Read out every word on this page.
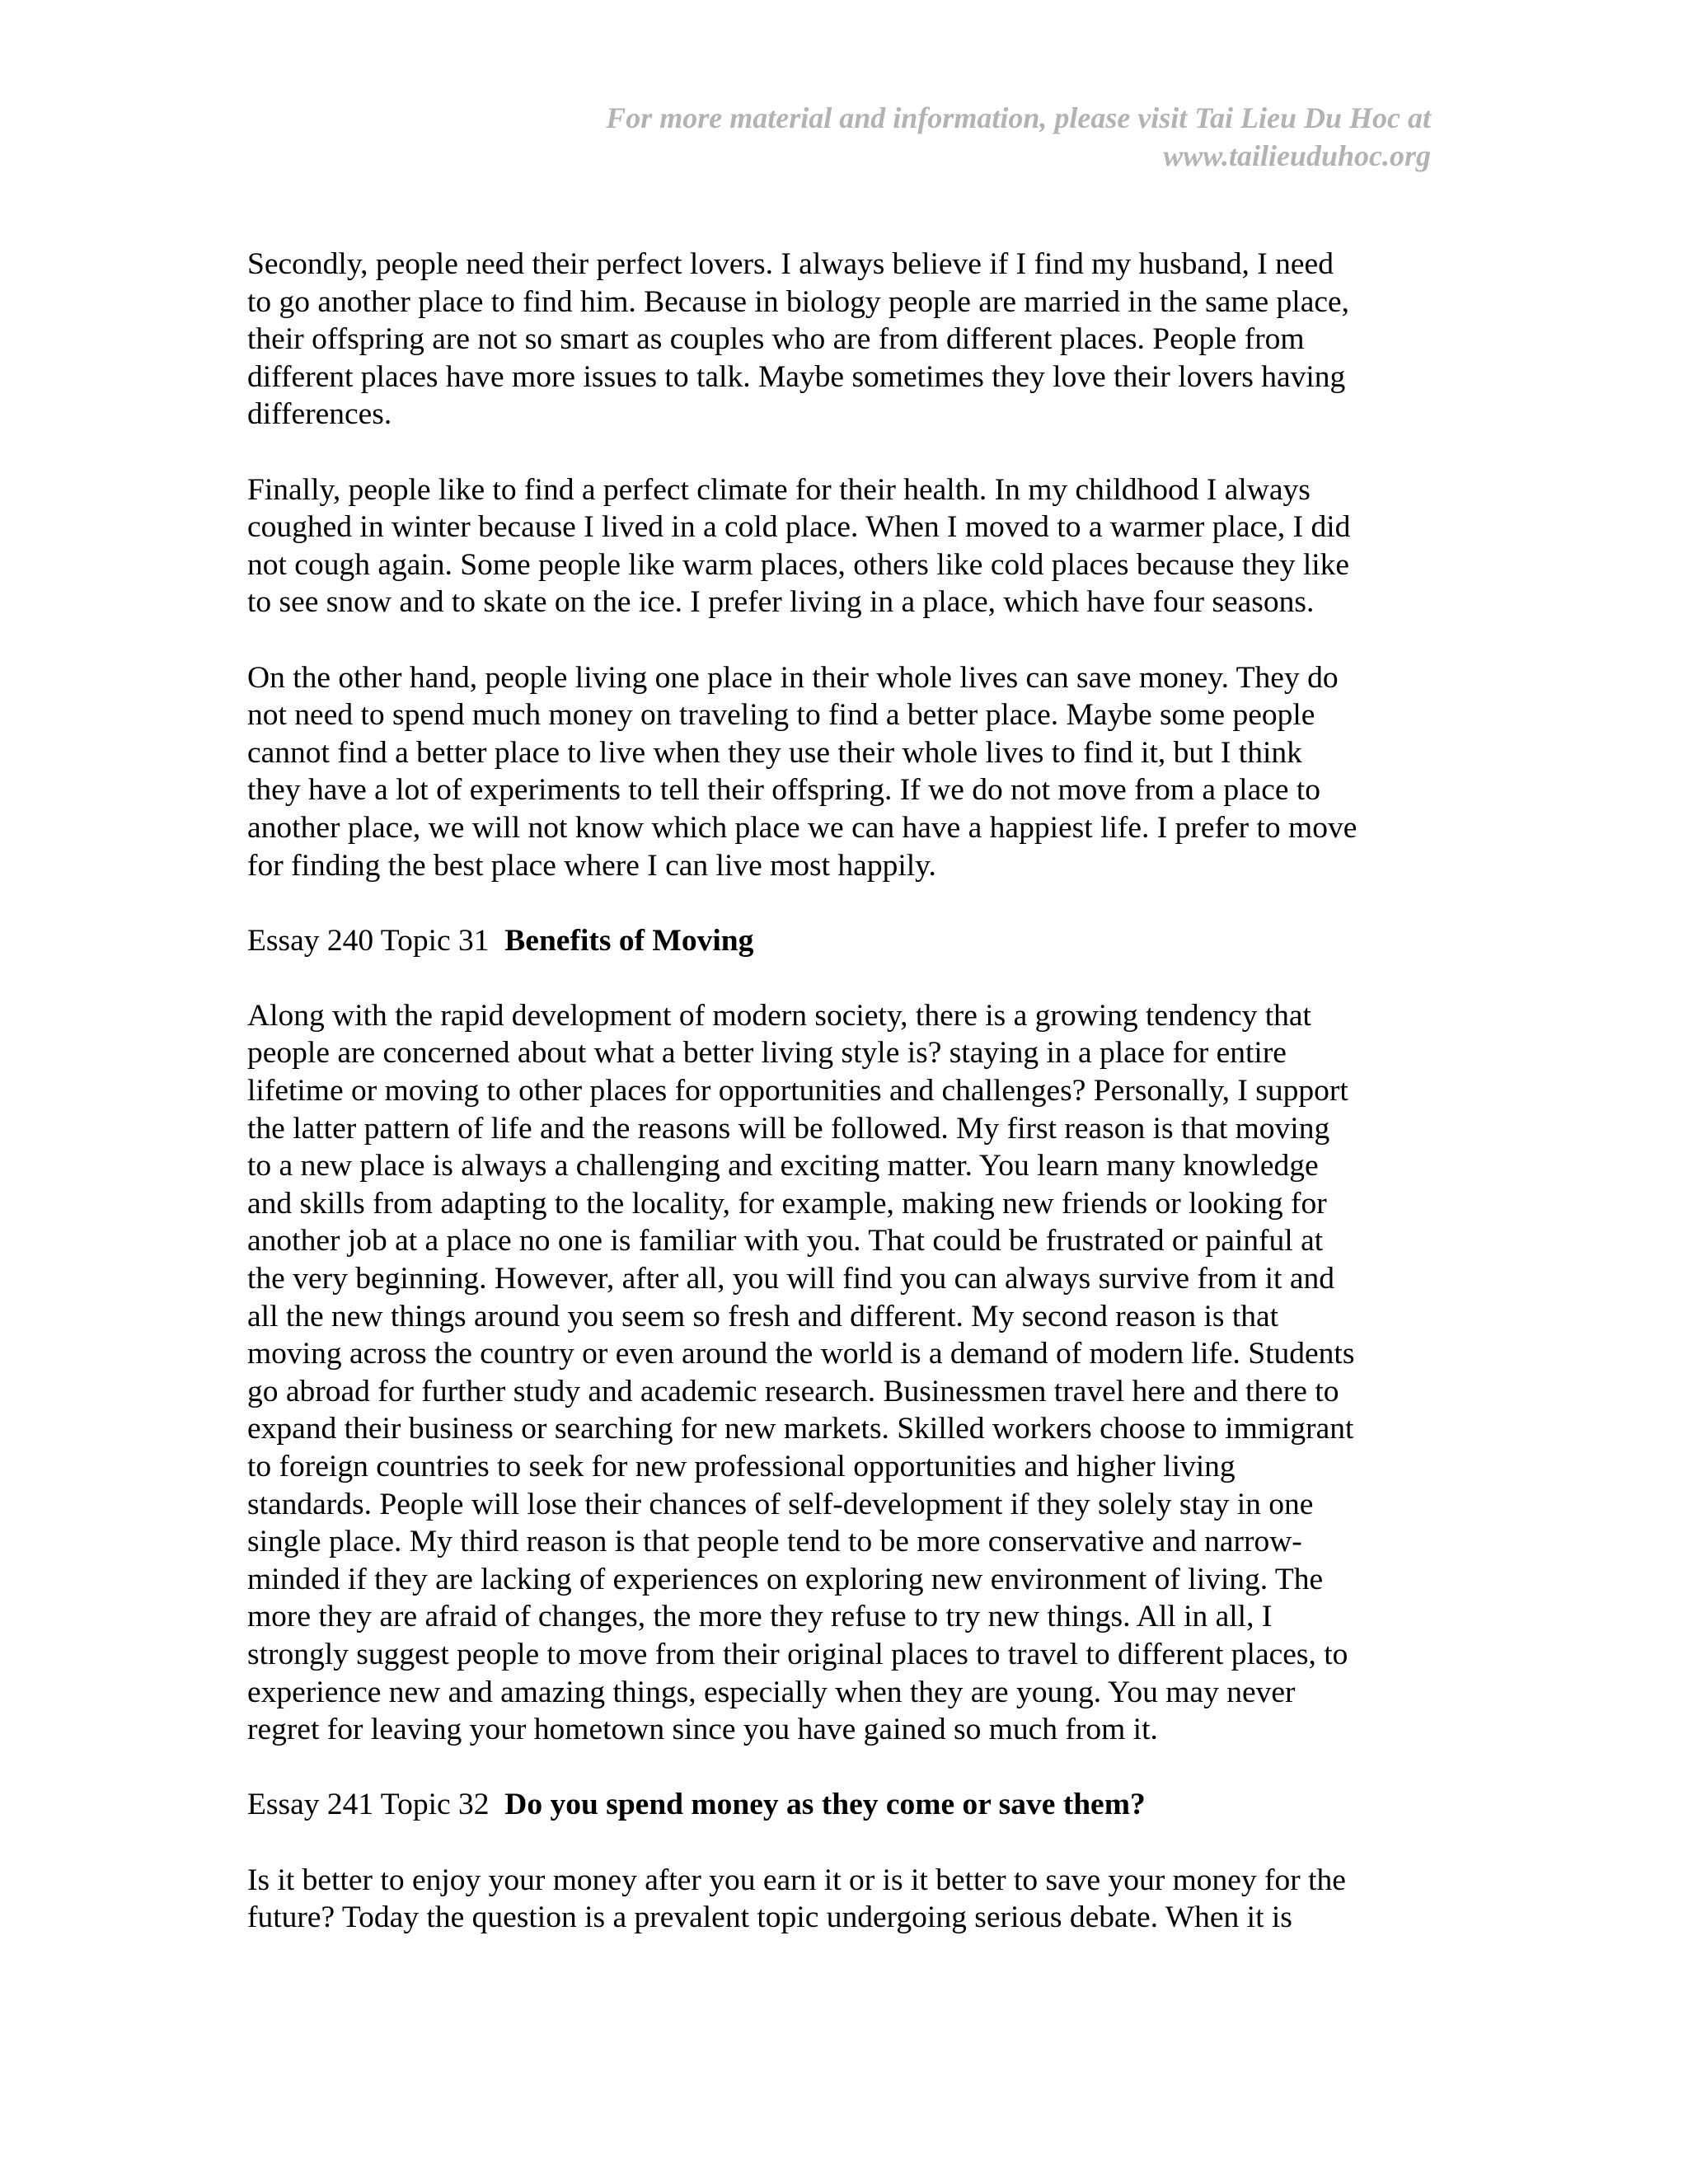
For more material and information, please visit Tai Lieu Du Hoc at
www.tailieuduhoc.org
Secondly, people need their perfect lovers. I always believe if I find my husband, I need
to go another place to find him. Because in biology people are married in the same place,
their offspring are not so smart as couples who are from different places. People from
different places have more issues to talk. Maybe sometimes they love their lovers having
differences.
Finally, people like to find a perfect climate for their health. In my childhood I always
coughed in winter because I lived in a cold place. When I moved to a warmer place, I did
not cough again. Some people like warm places, others like cold places because they like
to see snow and to skate on the ice. I prefer living in a place, which have four seasons.
On the other hand, people living one place in their whole lives can save money. They do
not need to spend much money on traveling to find a better place. Maybe some people
cannot find a better place to live when they use their whole lives to find it, but I think
they have a lot of experiments to tell their offspring. If we do not move from a place to
another place, we will not know which place we can have a happiest life. I prefer to move
for finding the best place where I can live most happily.
Essay 240 Topic 31 Benefits of Moving
Along with the rapid development of modern society, there is a growing tendency that
people are concerned about what a better living style is? staying in a place for entire
lifetime or moving to other places for opportunities and challenges? Personally, I support
the latter pattern of life and the reasons will be followed. My first reason is that moving
to a new place is always a challenging and exciting matter. You learn many knowledge
and skills from adapting to the locality, for example, making new friends or looking for
another job at a place no one is familiar with you. That could be frustrated or painful at
the very beginning. However, after all, you will find you can always survive from it and
all the new things around you seem so fresh and different. My second reason is that
moving across the country or even around the world is a demand of modern life. Students
go abroad for further study and academic research. Businessmen travel here and there to
expand their business or searching for new markets. Skilled workers choose to immigrant
to foreign countries to seek for new professional opportunities and higher living
standards. People will lose their chances of self-development if they solely stay in one
single place. My third reason is that people tend to be more conservative and narrow-
minded if they are lacking of experiences on exploring new environment of living. The
more they are afraid of changes, the more they refuse to try new things. All in all, I
strongly suggest people to move from their original places to travel to different places, to
experience new and amazing things, especially when they are young. You may never
regret for leaving your hometown since you have gained so much from it.
Essay 241 Topic 32 Do you spend money as they come or save them?
Is it better to enjoy your money after you earn it or is it better to save your money for the
future? Today the question is a prevalent topic undergoing serious debate. When it is
